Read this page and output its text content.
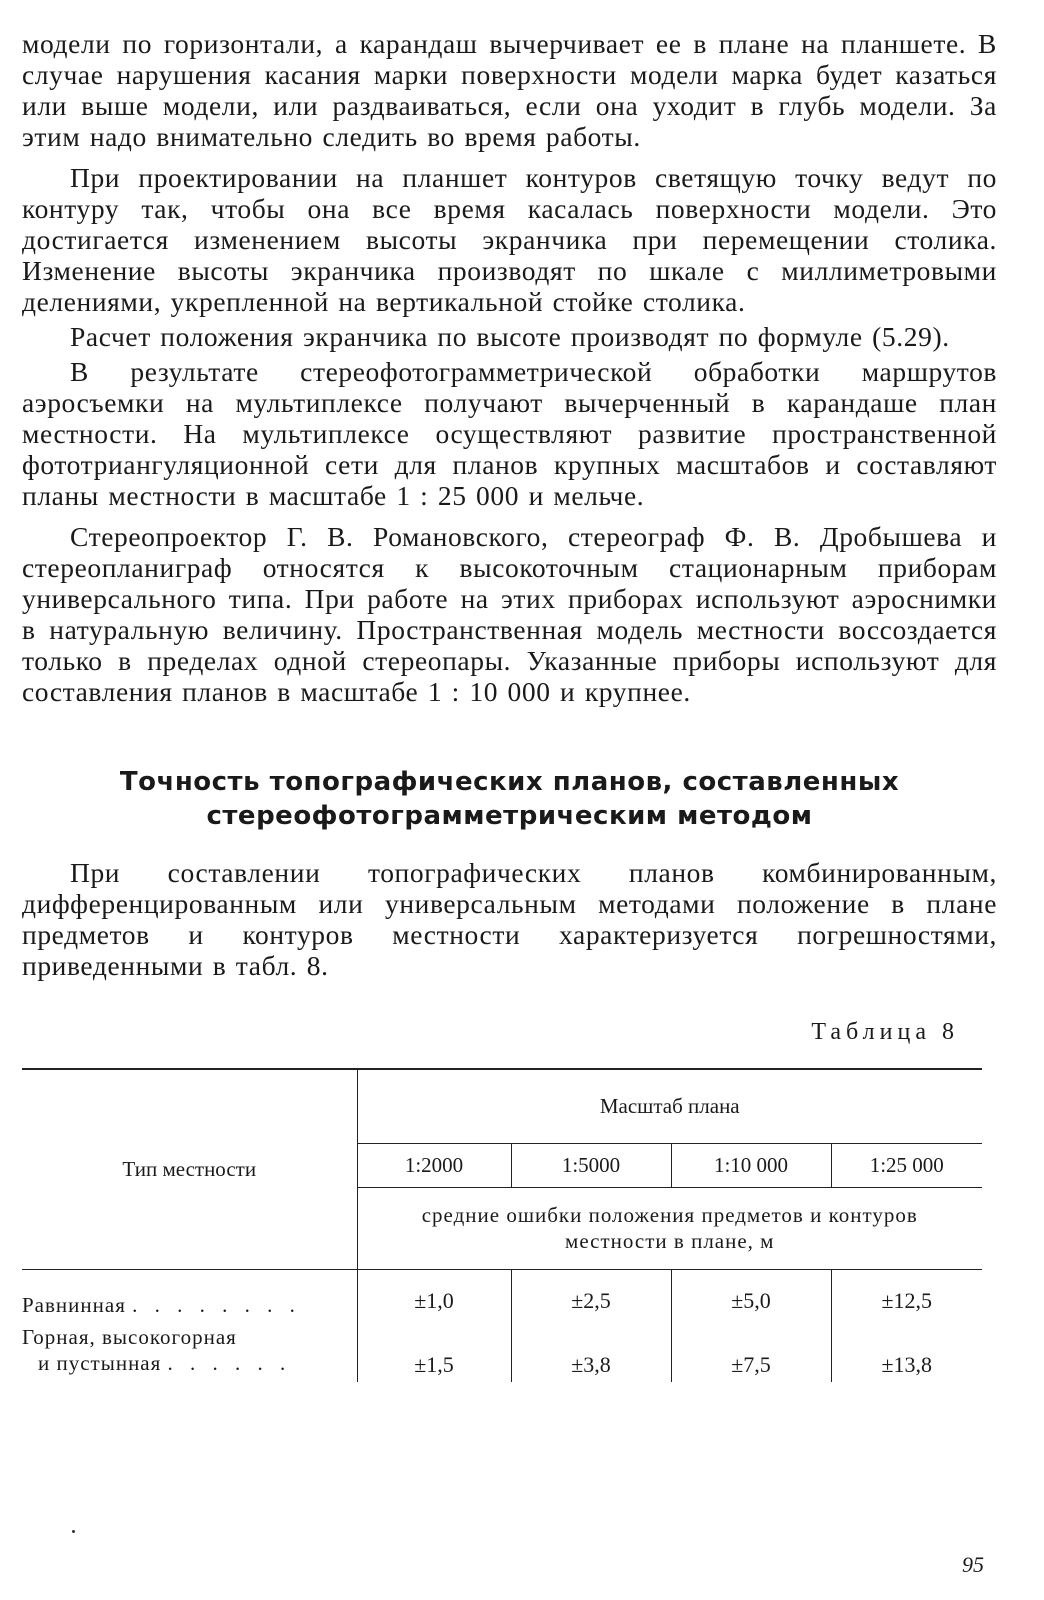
модели по горизонтали, а карандаш вычерчивает ее в плане на планшете. В случае нарушения касания марки поверхности модели марка будет казаться или выше модели, или раздваиваться, если она уходит в глубь модели. За этим надо внимательно следить во время работы.

При проектировании на планшет контуров светящую точку ведут по контуру так, чтобы она все время касалась поверхности модели. Это достигается изменением высоты экранчика при перемещении столика. Изменение высоты экранчика производят по шкале с миллиметровыми делениями, укрепленной на вертикальной стойке столика.

Расчет положения экранчика по высоте производят по формуле (5.29).

В результате стереофотограмметрической обработки маршрутов аэросъемки на мультиплексе получают вычерченный в карандаше план местности. На мультиплексе осуществляют развитие пространственной фототриангуляционной сети для планов крупных масштабов и составляют планы местности в масштабе 1 : 25 000 и мельче.

Стереопроектор Г. В. Романовского, стереограф Ф. В. Дробышева и стереопланиграф относятся к высокоточным стационарным приборам универсального типа. При работе на этих приборах используют аэроснимки в натуральную величину. Пространственная модель местности воссоздается только в пределах одной стереопары. Указанные приборы используют для составления планов в масштабе 1 : 10 000 и крупнее.

Точность топографических планов, составленных
стереофотограмметрическим методом

При составлении топографических планов комбинированным, дифференцированным или универсальным методами положение в плане предметов и контуров местности характеризуется погрешностями, приведенными в табл. 8.

Таблица 8
Тип местности	Масштаб плана			
	1:2000	1:5000	1:10 000	1:25 000
	средние ошибки положения предметов и контуров местности в плане, м			

Равнинная . . . . . . . .	±1,0	±2,5	±5,0	±12,5

Горная, высокогорная
и пустынная . . . . . .	±1,5	±3,8	±7,5	±13,8
95
